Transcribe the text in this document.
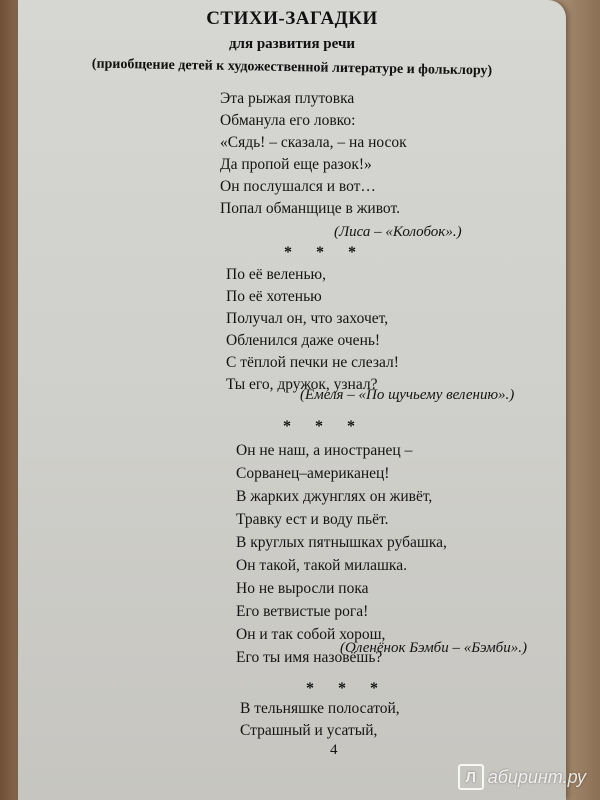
СТИХИ-ЗАГАДКИ
для развития речи
(приобщение детей к художественной литературе и фольклору)
Эта рыжая плутовка
Обманула его ловко:
«Сядь! – сказала, – на носок
Да пропой еще разок!»
Он послушался и вот…
Попал обманщице в живот.
(Лиса – «Колобок».)
* * *
По её веленью,
По её хотенью
Получал он, что захочет,
Обленился даже очень!
С тёплой печки не слезал!
Ты его, дружок, узнал?
(Емеля – «По щучьему велению».)
* * *
Он не наш, а иностранец –
Сорванец–американец!
В жарких джунглях он живёт,
Травку ест и воду пьёт.
В круглых пятнышках рубашка,
Он такой, такой милашка.
Но не выросли пока
Его ветвистые рога!
Он и так собой хорош,
Его ты имя назовёшь?
(Оленёнок Бэмби – «Бэмби».)
* * *
В тельняшке полосатой,
Страшный и усатый,
4
Л абиринт.ру
